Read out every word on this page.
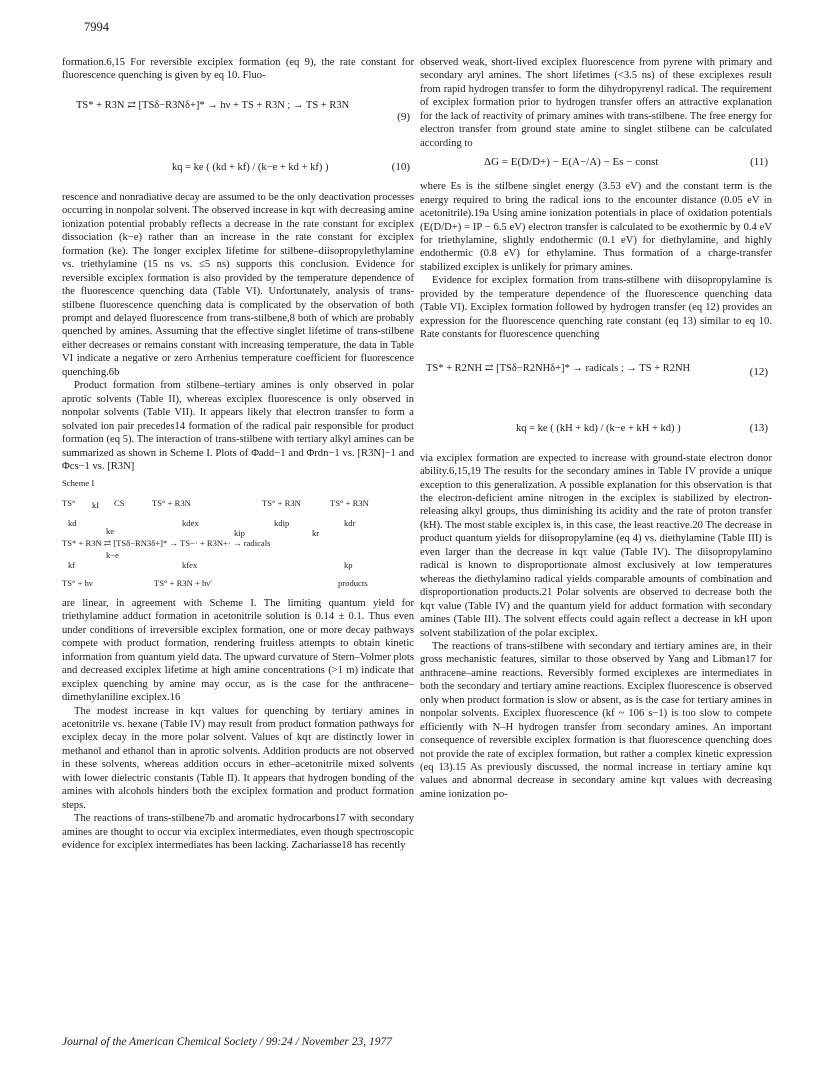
7994

formation.6,15 For reversible exciplex formation (eq 9), the rate constant for fluorescence quenching is given by eq 10. Fluo-

TS* + R3N ⇄ [TSδ−R3Nδ+]* → hν + TS + R3N ; → TS + R3N
(9)
kq = ke ( (kd + kf) / (k−e + kd + kf) )	(10)

rescence and nonradiative decay are assumed to be the only deactivation processes occurring in nonpolar solvent. The observed increase in kqτ with decreasing amine ionization potential probably reflects a decrease in the rate constant for exciplex dissociation (k−e) rather than an increase in the rate constant for exciplex formation (ke). The longer exciplex lifetime for stilbene–diisopropylethylamine vs. triethylamine (15 ns vs. ≤5 ns) supports this conclusion. Evidence for reversible exciplex formation is also provided by the temperature dependence of the fluorescence quenching data (Table VI). Unfortunately, analysis of trans-stilbene fluorescence quenching data is complicated by the observation of both prompt and delayed fluorescence from trans-stilbene,8 both of which are probably quenched by amines. Assuming that the effective singlet lifetime of trans-stilbene either decreases or remains constant with increasing temperature, the data in Table VI indicate a negative or zero Arrhenius temperature coefficient for fluorescence quenching.6b

Product formation from stilbene–tertiary amines is only observed in polar aprotic solvents (Table II), whereas exciplex fluorescence is only observed in nonpolar solvents (Table VII). It appears likely that electron transfer to form a solvated ion pair precedes14 formation of the radical pair responsible for product formation (eq 5). The interaction of trans-stilbene with tertiary alkyl amines can be summarized as shown in Scheme I. Plots of Φadd−1 and Φrdn−1 vs. [R3N]−1 and Φcs−1 vs. [R3N]

Scheme I
TS° kI CS	TS° + R3N	TS° + R3N	TS° + R3N
kd	kdex	kdip	kdr
ke	kip	kr
TS* + R3N ⇄ [TSδ−RN3δ+]* → TS−· + R3N+· → radicals
k−e
kf	kfex	kp
TS° + hν	TS° + R3N + hν′	products

are linear, in agreement with Scheme I. The limiting quantum yield for triethylamine adduct formation in acetonitrile solution is 0.14 ± 0.1. Thus even under conditions of irreversible exciplex formation, one or more decay pathways compete with product formation, rendering fruitless attempts to obtain kinetic information from quantum yield data. The upward curvature of Stern–Volmer plots and decreased exciplex lifetime at high amine concentrations (>1 m) indicate that exciplex quenching by amine may occur, as is the case for the anthracene–dimethylaniline exciplex.16

The modest increase in kqτ values for quenching by tertiary amines in acetonitrile vs. hexane (Table IV) may result from product formation pathways for exciplex decay in the more polar solvent. Values of kqτ are distinctly lower in methanol and ethanol than in aprotic solvents. Addition products are not observed in these solvents, whereas addition occurs in ether–acetonitrile mixed solvents with lower dielectric constants (Table II). It appears that hydrogen bonding of the amines with alcohols hinders both the exciplex formation and product formation steps.

The reactions of trans-stilbene7b and aromatic hydrocarbons17 with secondary amines are thought to occur via exciplex intermediates, even though spectroscopic evidence for exciplex intermediates has been lacking. Zachariasse18 has recently

observed weak, short-lived exciplex fluorescence from pyrene with primary and secondary aryl amines. The short lifetimes (<3.5 ns) of these exciplexes result from rapid hydrogen transfer to form the dihydropyrenyl radical. The requirement of exciplex formation prior to hydrogen transfer offers an attractive explanation for the lack of reactivity of primary amines with trans-stilbene. The free energy for electron transfer from ground state amine to singlet stilbene can be calculated according to

ΔG = E(D/D+) − E(A−/A) − Es − const	(11)

where Es is the stilbene singlet energy (3.53 eV) and the constant term is the energy required to bring the radical ions to the encounter distance (0.05 eV in acetonitrile).19a Using amine ionization potentials in place of oxidation potentials (E(D/D+) = IP − 6.5 eV) electron transfer is calculated to be exothermic by 0.4 eV for triethylamine, slightly endothermic (0.1 eV) for diethylamine, and highly endothermic (0.8 eV) for ethylamine. Thus formation of a charge-transfer stabilized exciplex is unlikely for primary amines.

Evidence for exciplex formation from trans-stilbene with diisopropylamine is provided by the temperature dependence of the fluorescence quenching data (Table VI). Exciplex formation followed by hydrogen transfer (eq 12) provides an expression for the fluorescence quenching rate constant (eq 13) similar to eq 10. Rate constants for fluorescence quenching

TS* + R2NH ⇄ [TSδ−R2NHδ+]* → radicals ; → TS + R2NH	(12)
kq = ke ( (kH + kd) / (k−e + kH + kd) )	(13)

via exciplex formation are expected to increase with ground-state electron donor ability.6,15,19 The results for the secondary amines in Table IV provide a unique exception to this generalization. A possible explanation for this observation is that the electron-deficient amine nitrogen in the exciplex is stabilized by electron-releasing alkyl groups, thus diminishing its acidity and the rate of proton transfer (kH). The most stable exciplex is, in this case, the least reactive.20 The decrease in product quantum yields for diisopropylamine (eq 4) vs. diethylamine (Table III) is even larger than the decrease in kqτ value (Table IV). The diisopropylamino radical is known to disproportionate almost exclusively at low temperatures whereas the diethylamino radical yields comparable amounts of combination and disproportionation products.21 Polar solvents are observed to decrease both the kqτ value (Table IV) and the quantum yield for adduct formation with secondary amines (Table III). The solvent effects could again reflect a decrease in kH upon solvent stabilization of the polar exciplex.

The reactions of trans-stilbene with secondary and tertiary amines are, in their gross mechanistic features, similar to those observed by Yang and Libman17 for anthracene–amine reactions. Reversibly formed exciplexes are intermediates in both the secondary and tertiary amine reactions. Exciplex fluorescence is observed only when product formation is slow or absent, as is the case for tertiary amines in nonpolar solvents. Exciplex fluorescence (kf ~ 106 s−1) is too slow to compete efficiently with N–H hydrogen transfer from secondary amines. An important consequence of reversible exciplex formation is that fluorescence quenching does not provide the rate of exciplex formation, but rather a complex kinetic expression (eq 13).15 As previously discussed, the normal increase in tertiary amine kqτ values and abnormal decrease in secondary amine kqτ values with decreasing amine ionization po-

Journal of the American Chemical Society / 99:24 / November 23, 1977
